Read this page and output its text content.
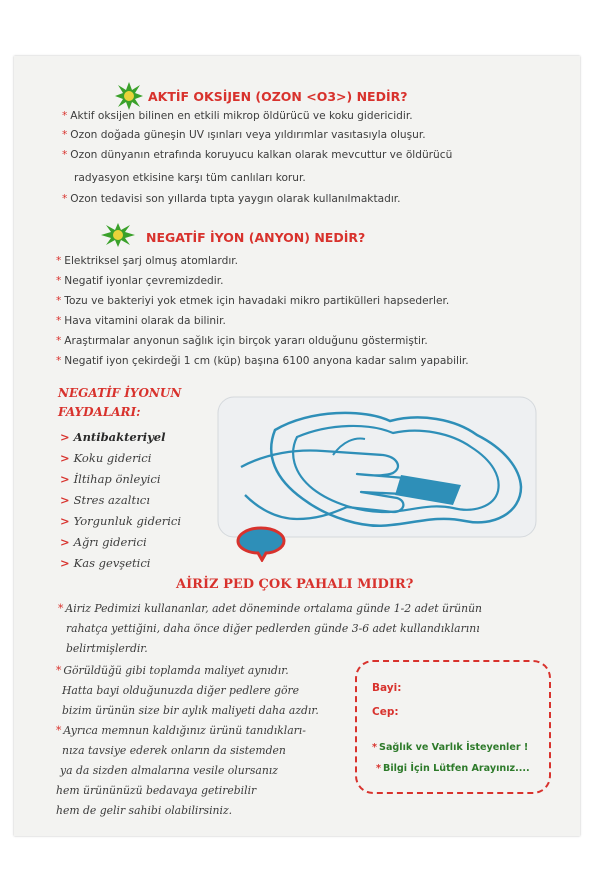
AKTİF OKSİJEN (OZON <O3>) NEDİR?
* Aktif oksijen bilinen en etkili mikrop öldürücü ve koku gidericidir.
* Ozon doğada güneşin UV ışınları veya yıldırımlar vasıtasıyla oluşur.
* Ozon dünyanın etrafında koruyucu kalkan olarak mevcuttur ve öldürücü
radyasyon etkisine karşı tüm canlıları korur.
* Ozon tedavisi son yıllarda tıpta yaygın olarak kullanılmaktadır.
NEGATİF İYON (ANYON) NEDİR?
* Elektriksel şarj olmuş atomlardır.
* Negatif iyonlar çevremizdedir.
* Tozu ve bakteriyi yok etmek için havadaki mikro partikülleri hapsederler.
* Hava vitamini olarak da bilinir.
* Araştırmalar anyonun sağlık için birçok yararı olduğunu göstermiştir.
* Negatif iyon çekirdeği 1 cm (küp) başına 6100 anyona kadar salım yapabilir.
NEGATİF İYONUN
FAYDALARI:
> Antibakteriyel
> Koku giderici
> İltihap önleyici
> Stres azaltıcı
> Yorgunluk giderici
> Ağrı giderici
> Kas gevşetici
AİRİZ PED ÇOK PAHALI MIDIR?
* Airiz Pedimizi kullananlar, adet döneminde ortalama günde 1-2 adet ürünün
rahatça yettiğini, daha önce diğer pedlerden günde 3-6 adet kullandıklarını
belirtmişlerdir.
* Görüldüğü gibi toplamda maliyet aynıdır.
Hatta bayi olduğunuzda diğer pedlere göre
bizim ürünün size bir aylık maliyeti daha azdır.
* Ayrıca memnun kaldığınız ürünü tanıdıkları-
nıza tavsiye ederek onların da sistemden
ya da sizden almalarına vesile olursanız
hem ürününüzü bedavaya getirebilir
hem de gelir sahibi olabilirsiniz.
Bayi:
Cep:
* Sağlık ve Varlık İsteyenler !
* Bilgi İçin Lütfen Arayınız....
